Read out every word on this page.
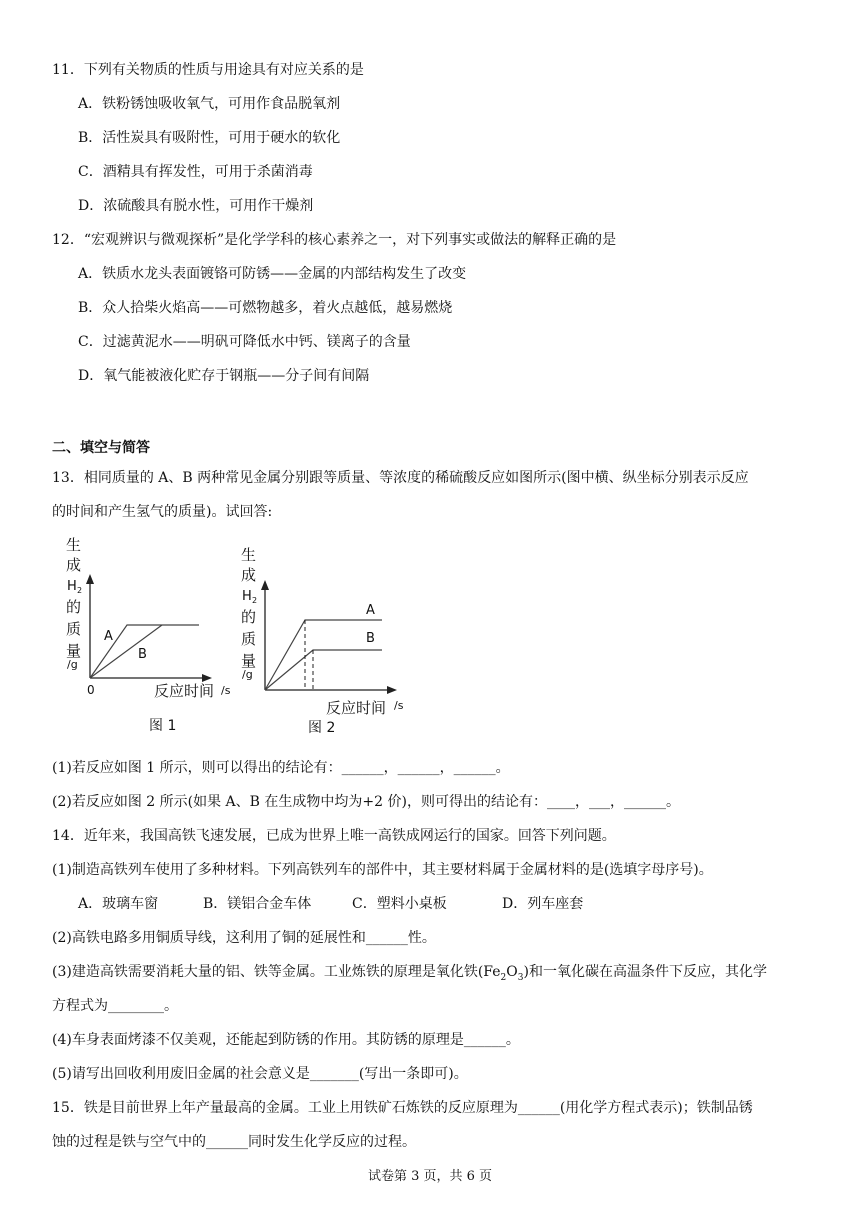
11．下列有关物质的性质与用途具有对应关系的是
A．铁粉锈蚀吸收氧气，可用作食品脱氧剂
B．活性炭具有吸附性，可用于硬水的软化
C．酒精具有挥发性，可用于杀菌消毒
D．浓硫酸具有脱水性，可用作干燥剂
12．“宏观辨识与微观探析”是化学学科的核心素养之一，对下列事实或做法的解释正确的是
A．铁质水龙头表面镀铬可防锈——金属的内部结构发生了改变
B．众人拾柴火焰高——可燃物越多，着火点越低，越易燃烧
C．过滤黄泥水——明矾可降低水中钙、镁离子的含量
D．氧气能被液化贮存于钢瓶——分子间有间隔
二、填空与简答
13．相同质量的 A、B 两种常见金属分别跟等质量、等浓度的稀硫酸反应如图所示(图中横、纵坐标分别表示反应
的时间和产生氢气的质量)。试回答:
生
成
H 2
的
质
量
/g
A
B
0	反应时间 /s
图 1
生
成
H 2
的
质
量
/g
A
B
反应时间 /s
图 2
(1)若反应如图 1 所示，则可以得出的结论有：______，______，______。
(2)若反应如图 2 所示(如果 A、B 在生成物中均为+2 价)，则可得出的结论有：____，___，______。
14．近年来，我国高铁飞速发展，已成为世界上唯一高铁成网运行的国家。回答下列问题。
(1)制造高铁列车使用了多种材料。下列高铁列车的部件中，其主要材料属于金属材料的是(选填字母序号)。
A．玻璃车窗	B．镁铝合金车体	C．塑料小桌板	D．列车座套
(2)高铁电路多用铜质导线，这利用了铜的延展性和______性。
(3)建造高铁需要消耗大量的铝、铁等金属。工业炼铁的原理是氧化铁$(Fe_2O_3)$和一氧化碳在高温条件下反应，其化学
方程式为________。
(4)车身表面烤漆不仅美观，还能起到防锈的作用。其防锈的原理是______。
(5)请写出回收利用废旧金属的社会意义是_______(写出一条即可)。
15．铁是目前世界上年产量最高的金属。工业上用铁矿石炼铁的反应原理为______(用化学方程式表示)；铁制品锈
蚀的过程是铁与空气中的______同时发生化学反应的过程。
试卷第 3 页，共 6 页
